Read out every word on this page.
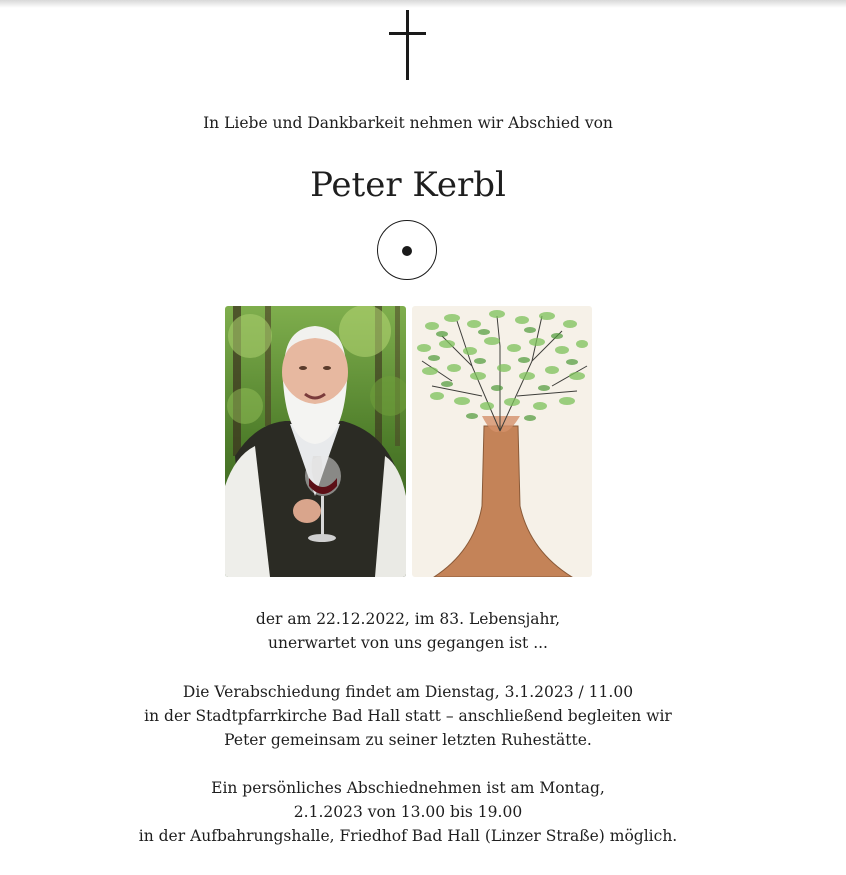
In Liebe und Dankbarkeit nehmen wir Abschied von
Peter Kerbl
der am 22.12.2022, im 83. Lebensjahr,
unerwartet von uns gegangen ist ...
Die Verabschiedung findet am Dienstag, 3.1.2023 / 11.00
in der Stadtpfarrkirche Bad Hall statt – anschließend begleiten wir
Peter gemeinsam zu seiner letzten Ruhestätte.
Ein persönliches Abschiednehmen ist am Montag,
2.1.2023 von 13.00 bis 19.00
in der Aufbahrungshalle, Friedhof Bad Hall (Linzer Straße) möglich.
